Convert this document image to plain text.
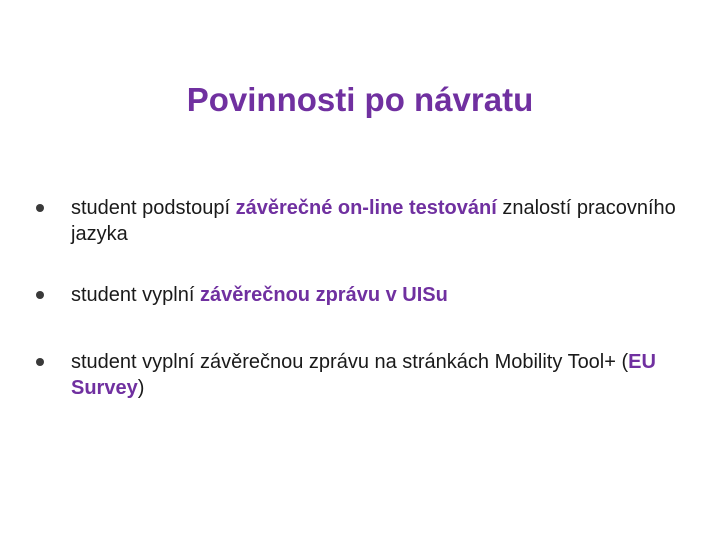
Povinnosti po návratu
student podstoupí závěrečné on-line testování znalostí pracovního jazyka
student vyplní závěrečnou zprávu v UISu
student vyplní závěrečnou zprávu na stránkách Mobility Tool+ (EU Survey)
